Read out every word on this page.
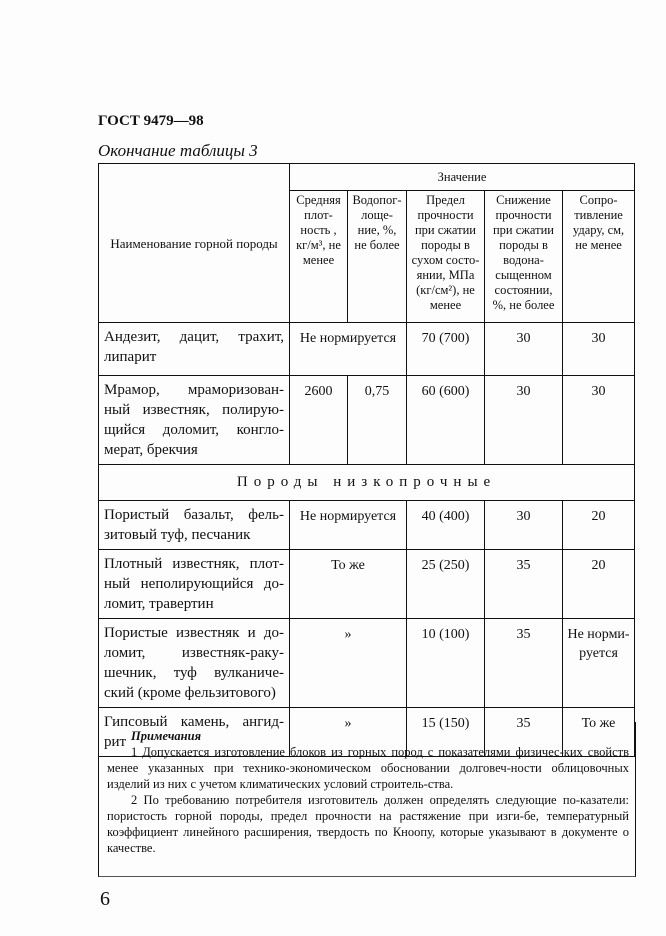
ГОСТ 9479—98
Окончание таблицы 3
Наименование горной породы	Значение				
	Средняя плот-ность , кг/м³, не менее	Водопог-лоще-ние, %, не более	Предел прочности при сжатии породы в сухом состо-янии, МПа (кг/см²), не менее	Снижение прочности при сжатии породы в водона-сыщенном состоянии, %, не более	Сопро-тивление удару, см, не менее
Андезит, дацит, трахит, липарит	Не нормируется		70 (700)	30	30
Мрамор, мраморизован-ный известняк, полирую-щийся доломит, конгло-мерат, брекчия	2600	0,75	60 (600)	30	30
Породы низкопрочные					
Пористый базальт, фель-зитовый туф, песчаник	Не нормируется		40 (400)	30	20
Плотный известняк, плот-ный неполирующийся до-ломит, травертин	То же		25 (250)	35	20
Пористые известняк и до-ломит, известняк-раку-шечник, туф вулканиче-ский (кроме фельзитового)	»		10 (100)	35	Не норми-руется
Гипсовый камень, ангид-рит	»		15 (150)	35	То же

Примечания

1 Допускается изготовление блоков из горных пород с показателями физичес-ких свойств менее указанных при технико-экономическом обосновании долговеч-ности облицовочных изделий из них с учетом климатических условий строитель-ства.

2 По требованию потребителя изготовитель должен определять следующие по-казатели: пористость горной породы, предел прочности на растяжение при изги-бе, температурный коэффициент линейного расширения, твердость по Кноопу, которые указывают в документе о качестве.

6
